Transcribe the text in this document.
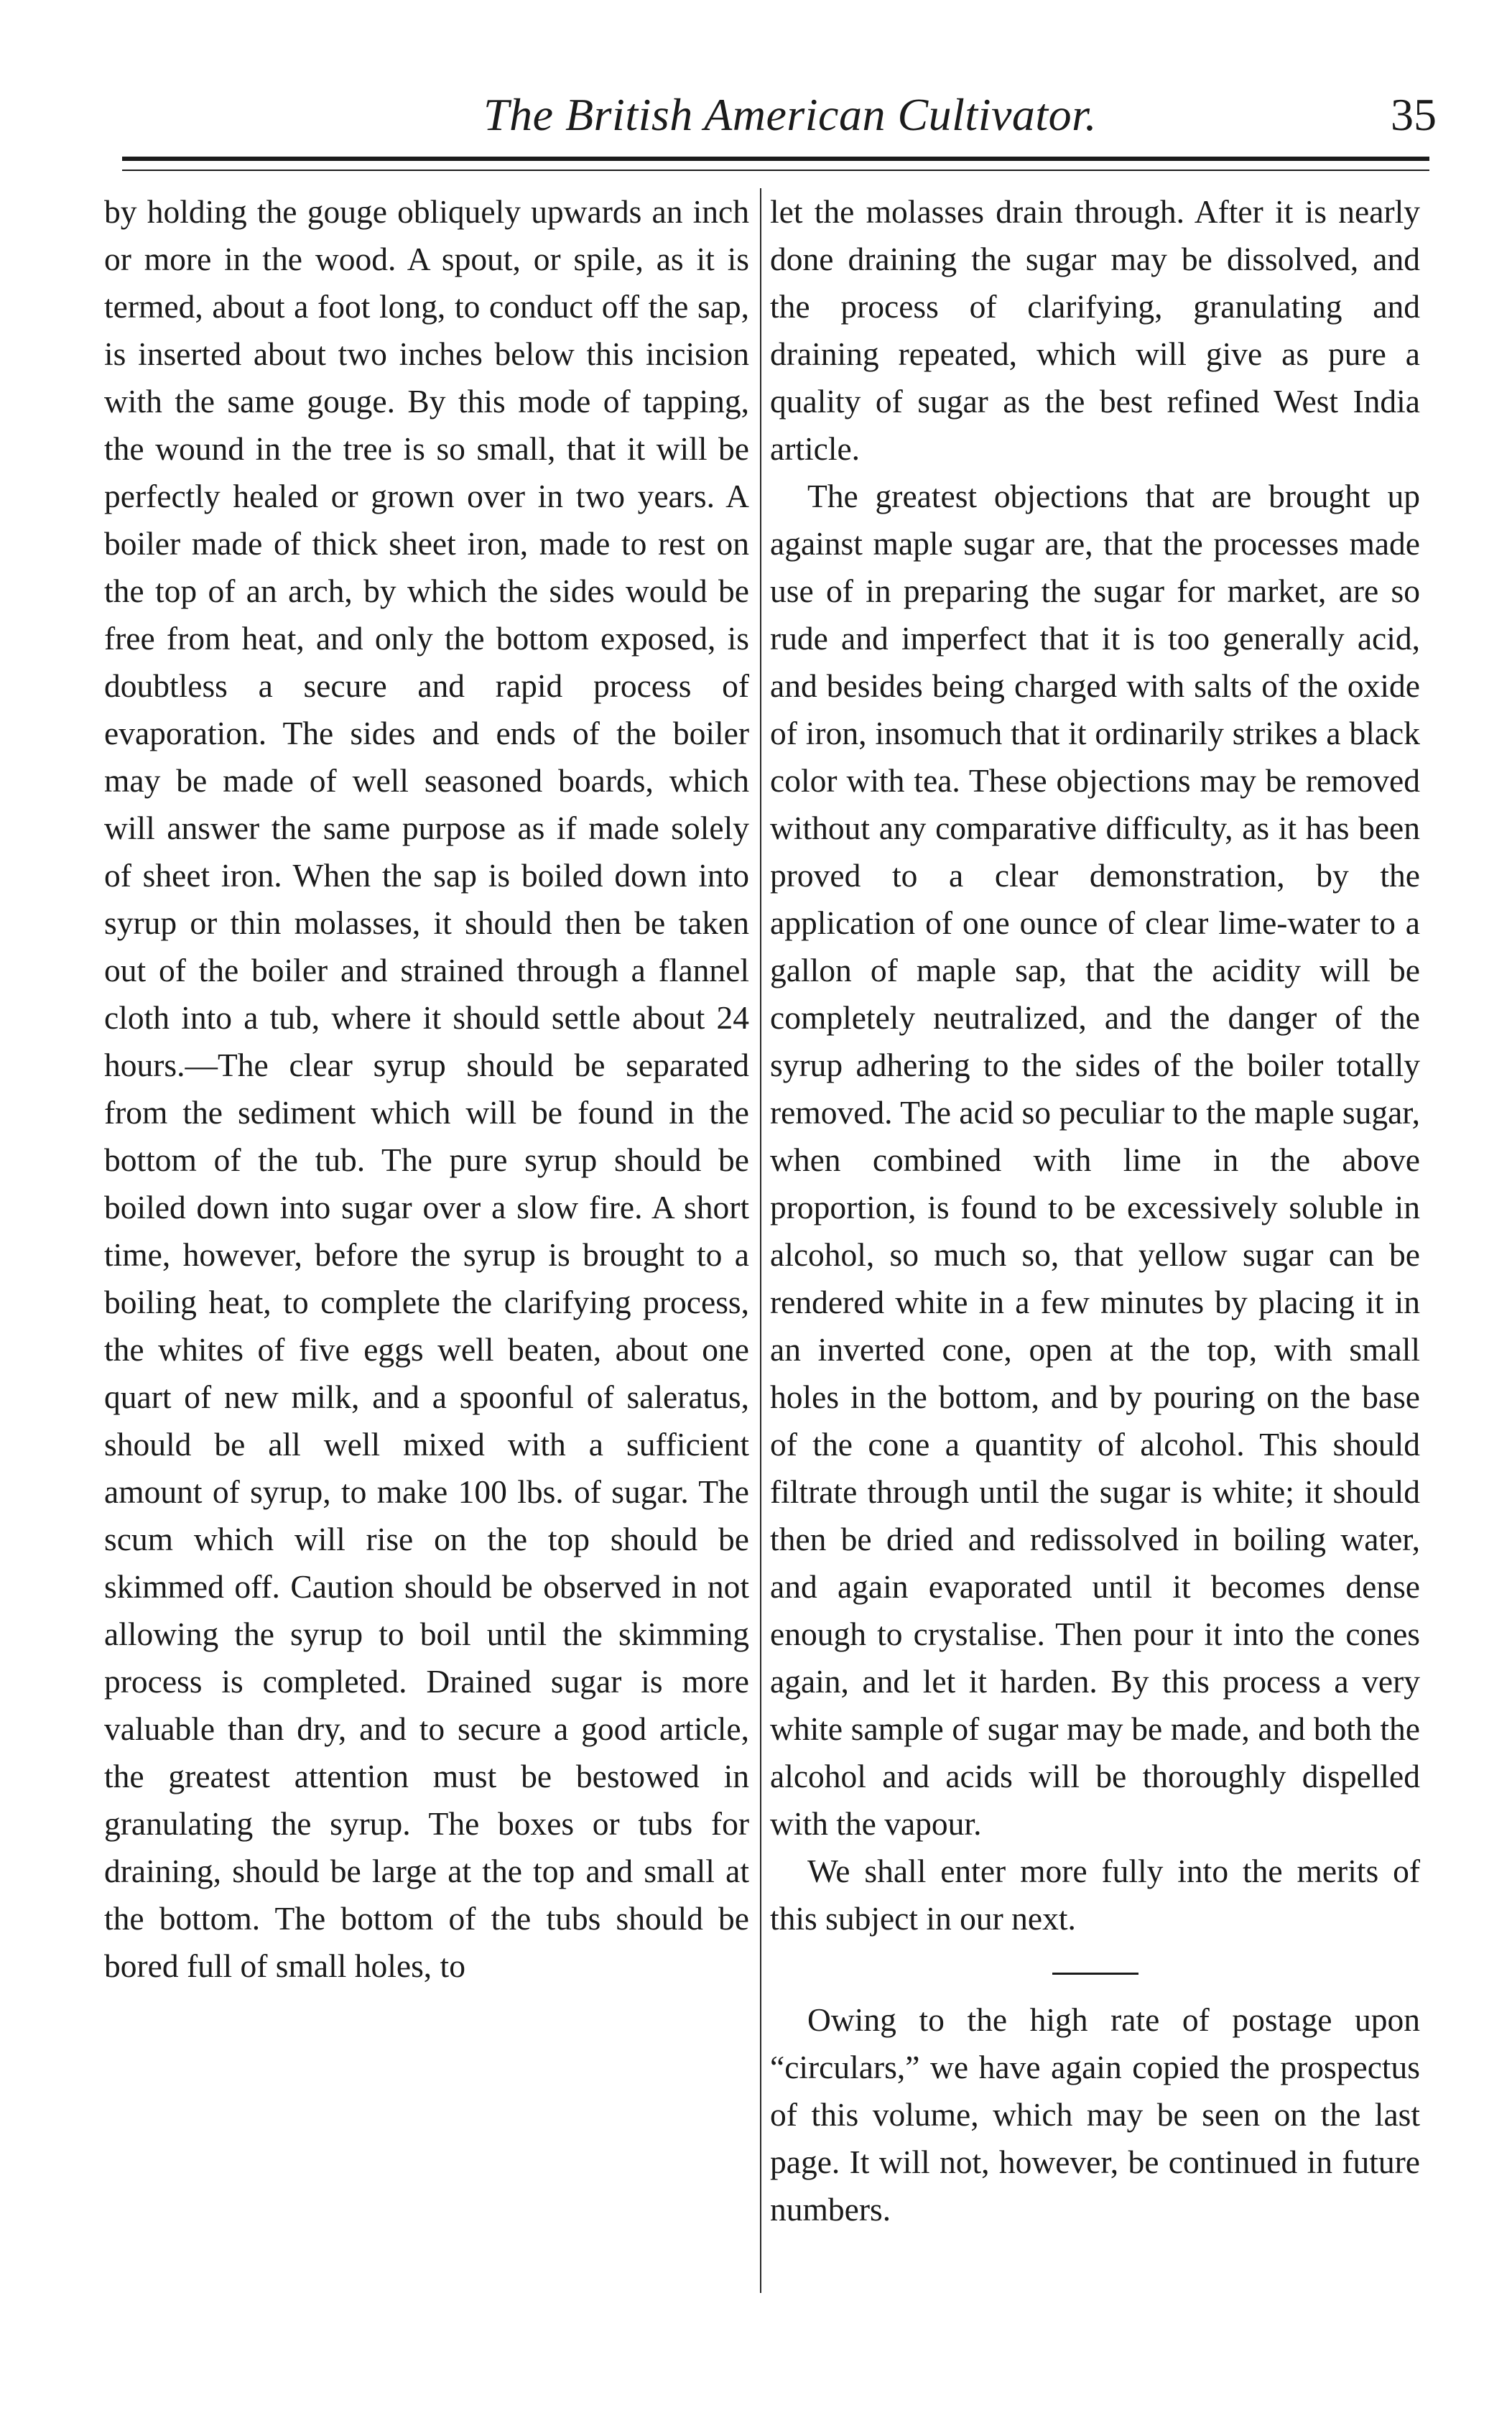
The British American Cultivator.	35

by holding the gouge obliquely upwards an inch or more in the wood. A spout, or spile, as it is termed, about a foot long, to conduct off the sap, is inserted about two inches below this incision with the same gouge. By this mode of tapping, the wound in the tree is so small, that it will be perfectly healed or grown over in two years. A boiler made of thick sheet iron, made to rest on the top of an arch, by which the sides would be free from heat, and only the bottom exposed, is doubtless a secure and rapid process of evaporation. The sides and ends of the boiler may be made of well seasoned boards, which will answer the same purpose as if made solely of sheet iron. When the sap is boiled down into syrup or thin molasses, it should then be taken out of the boiler and strained through a flannel cloth into a tub, where it should settle about 24 hours.—The clear syrup should be separated from the sediment which will be found in the bottom of the tub. The pure syrup should be boiled down into sugar over a slow fire. A short time, however, before the syrup is brought to a boiling heat, to complete the clarifying process, the whites of five eggs well beaten, about one quart of new milk, and a spoonful of saleratus, should be all well mixed with a sufficient amount of syrup, to make 100 lbs. of sugar. The scum which will rise on the top should be skimmed off. Caution should be observed in not allowing the syrup to boil until the skimming process is completed. Drained sugar is more valuable than dry, and to secure a good article, the greatest attention must be bestowed in granulating the syrup. The boxes or tubs for draining, should be large at the top and small at the bottom. The bottom of the tubs should be bored full of small holes, to

let the molasses drain through. After it is nearly done draining the sugar may be dissolved, and the process of clarifying, granulating and draining repeated, which will give as pure a quality of sugar as the best refined West India article.

The greatest objections that are brought up against maple sugar are, that the processes made use of in preparing the sugar for market, are so rude and imperfect that it is too generally acid, and besides being charged with salts of the oxide of iron, insomuch that it ordinarily strikes a black color with tea. These objections may be removed without any comparative difficulty, as it has been proved to a clear demonstration, by the application of one ounce of clear lime-water to a gallon of maple sap, that the acidity will be completely neutralized, and the danger of the syrup adhering to the sides of the boiler totally removed. The acid so peculiar to the maple sugar, when combined with lime in the above proportion, is found to be excessively soluble in alcohol, so much so, that yellow sugar can be rendered white in a few minutes by placing it in an inverted cone, open at the top, with small holes in the bottom, and by pouring on the base of the cone a quantity of alcohol. This should filtrate through until the sugar is white; it should then be dried and redissolved in boiling water, and again evaporated until it becomes dense enough to crystalise. Then pour it into the cones again, and let it harden. By this process a very white sample of sugar may be made, and both the alcohol and acids will be thoroughly dispelled with the vapour.

We shall enter more fully into the merits of this subject in our next.

Owing to the high rate of postage upon “circulars,” we have again copied the prospectus of this volume, which may be seen on the last page. It will not, however, be continued in future numbers.
